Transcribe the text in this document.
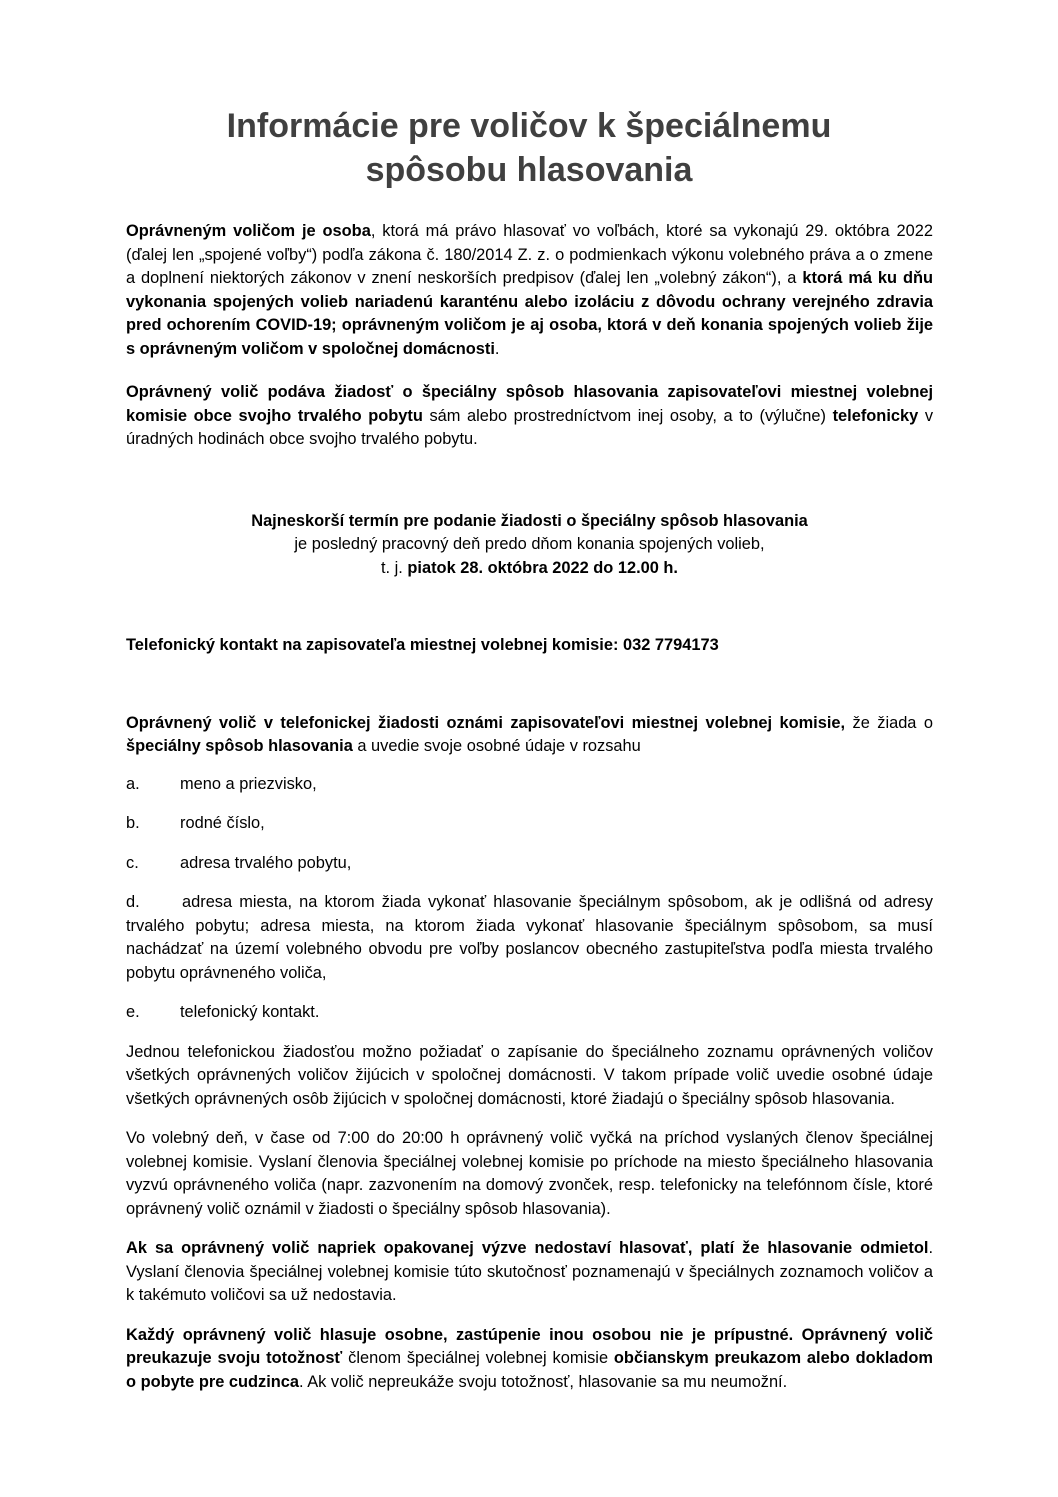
Informácie pre voličov k špeciálnemu
spôsobu hlasovania

Oprávneným voličom je osoba, ktorá má právo hlasovať vo voľbách, ktoré sa vykonajú 29. októbra 2022 (ďalej len „spojené voľby“) podľa zákona č. 180/2014 Z. z. o podmienkach výkonu volebného práva a o zmene a doplnení niektorých zákonov v znení neskorších predpisov (ďalej len „volebný zákon“), a ktorá má ku dňu vykonania spojených volieb nariadenú karanténu alebo izoláciu z dôvodu ochrany verejného zdravia pred ochorením COVID-19; oprávneným voličom je aj osoba, ktorá v deň konania spojených volieb žije s oprávneným voličom v spoločnej domácnosti.

Oprávnený volič podáva žiadosť o špeciálny spôsob hlasovania zapisovateľovi miestnej volebnej komisie obce svojho trvalého pobytu sám alebo prostredníctvom inej osoby, a to (výlučne) telefonicky v úradných hodinách obce svojho trvalého pobytu.

Najneskorší termín pre podanie žiadosti o špeciálny spôsob hlasovania

je posledný pracovný deň predo dňom konania spojených volieb,

t. j. piatok 28. októbra 2022 do 12.00 h.

Telefonický kontakt na zapisovateľa miestnej volebnej komisie: 032 7794173

Oprávnený volič v telefonickej žiadosti oznámi zapisovateľovi miestnej volebnej komisie, že žiada o špeciálny spôsob hlasovania a uvedie svoje osobné údaje v rozsahu

a.	meno a priezvisko,
b.	rodné číslo,
c.	adresa trvalého pobytu,
d.	adresa miesta, na ktorom žiada vykonať hlasovanie špeciálnym spôsobom, ak je odlišná od adresy trvalého pobytu; adresa miesta, na ktorom žiada vykonať hlasovanie špeciálnym spôsobom, sa musí nachádzať na území volebného obvodu pre voľby poslancov obecného zastupiteľstva podľa miesta trvalého pobytu oprávneného voliča,
e.	telefonický kontakt.

Jednou telefonickou žiadosťou možno požiadať o zapísanie do špeciálneho zoznamu oprávnených voličov všetkých oprávnených voličov žijúcich v spoločnej domácnosti. V takom prípade volič uvedie osobné údaje všetkých oprávnených osôb žijúcich v spoločnej domácnosti, ktoré žiadajú o špeciálny spôsob hlasovania.

Vo volebný deň, v čase od 7:00 do 20:00 h oprávnený volič vyčká na príchod vyslaných členov špeciálnej volebnej komisie. Vyslaní členovia špeciálnej volebnej komisie po príchode na miesto špeciálneho hlasovania vyzvú oprávneného voliča (napr. zazvonením na domový zvonček, resp. telefonicky na telefónnom čísle, ktoré oprávnený volič oznámil v žiadosti o špeciálny spôsob hlasovania).

Ak sa oprávnený volič napriek opakovanej výzve nedostaví hlasovať, platí že hlasovanie odmietol. Vyslaní členovia špeciálnej volebnej komisie túto skutočnosť poznamenajú v špeciálnych zoznamoch voličov a k takémuto voličovi sa už nedostavia.

Každý oprávnený volič hlasuje osobne, zastúpenie inou osobou nie je prípustné. Oprávnený volič preukazuje svoju totožnosť členom špeciálnej volebnej komisie občianskym preukazom alebo dokladom o pobyte pre cudzinca. Ak volič nepreukáže svoju totožnosť, hlasovanie sa mu neumožní.
